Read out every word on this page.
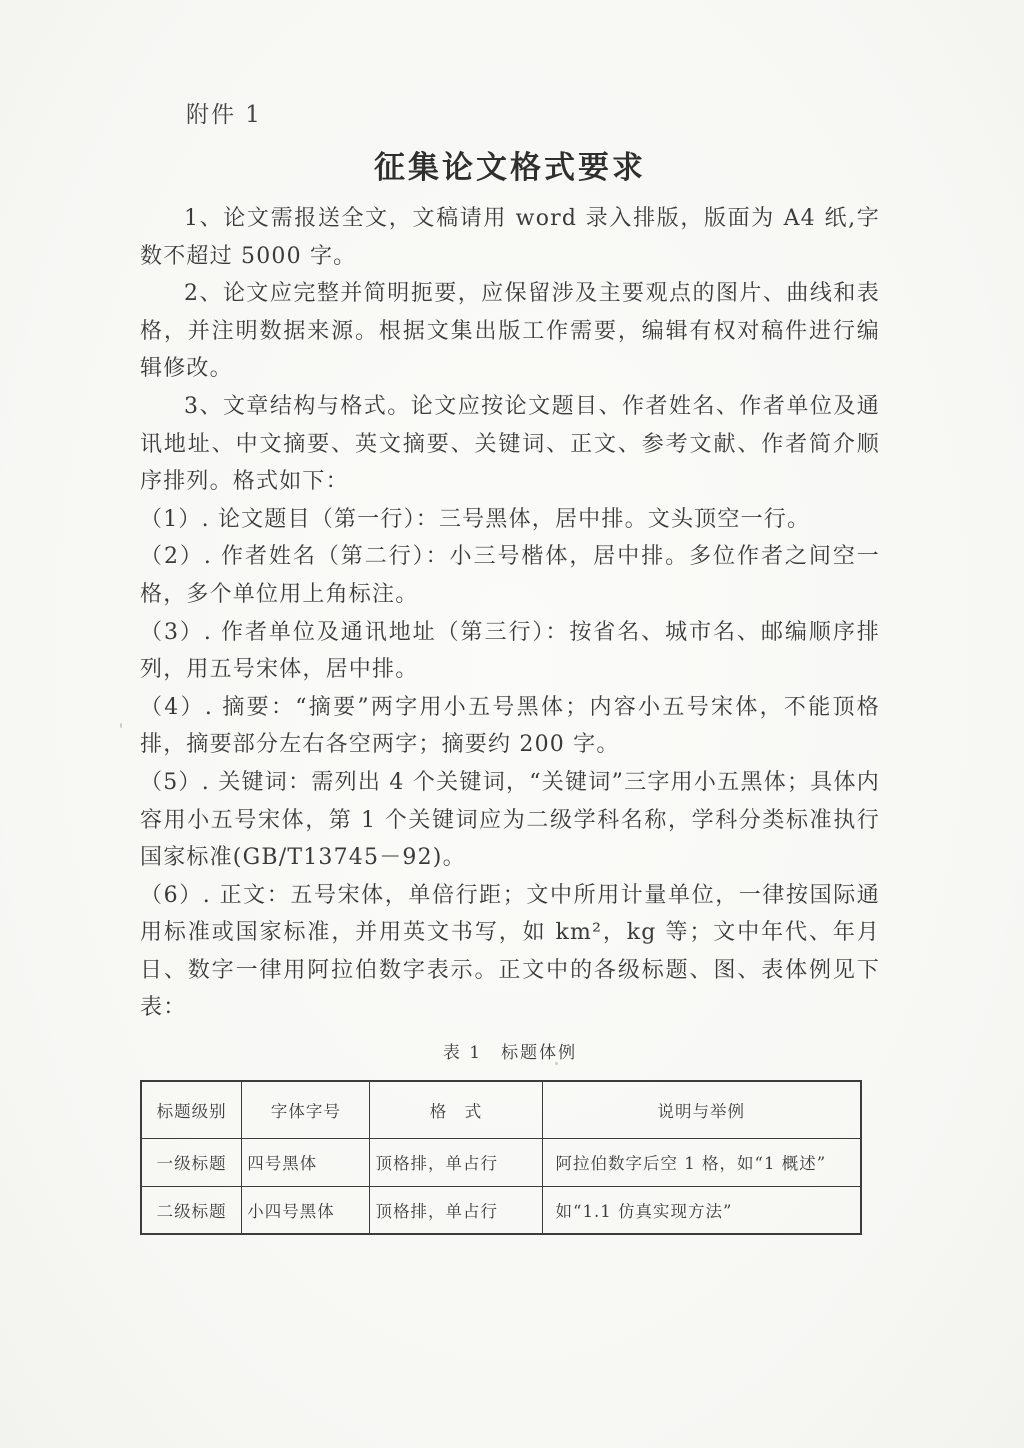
附件 1
征集论文格式要求

1、论文需报送全文，文稿请用 word 录入排版，版面为 A4 纸,字数不超过 5000 字。

2、论文应完整并简明扼要，应保留涉及主要观点的图片、曲线和表格，并注明数据来源。根据文集出版工作需要，编辑有权对稿件进行编辑修改。

3、文章结构与格式。论文应按论文题目、作者姓名、作者单位及通讯地址、中文摘要、英文摘要、关键词、正文、参考文献、作者简介顺序排列。格式如下：

（1）. 论文题目（第一行）：三号黑体，居中排。文头顶空一行。

（2）. 作者姓名（第二行）：小三号楷体，居中排。多位作者之间空一格，多个单位用上角标注。

（3）. 作者单位及通讯地址（第三行）：按省名、城市名、邮编顺序排列，用五号宋体，居中排。

（4）. 摘要：“摘要”两字用小五号黑体；内容小五号宋体，不能顶格排，摘要部分左右各空两字；摘要约 200 字。

（5）. 关键词：需列出 4 个关键词，“关键词”三字用小五黑体；具体内容用小五号宋体，第 1 个关键词应为二级学科名称，学科分类标准执行国家标准(GB/T13745－92)。

（6）. 正文：五号宋体，单倍行距；文中所用计量单位，一律按国际通用标准或国家标准，并用英文书写，如 km²，kg 等；文中年代、年月日、数字一律用阿拉伯数字表示。正文中的各级标题、图、表体例见下表：

表 1　标题体例
标题级别	字体字号	格　式	说明与举例
一级标题	四号黑体	顶格排，单占行	阿拉伯数字后空 1 格，如“1 概述”
二级标题	小四号黑体	顶格排，单占行	如“1.1 仿真实现方法”
